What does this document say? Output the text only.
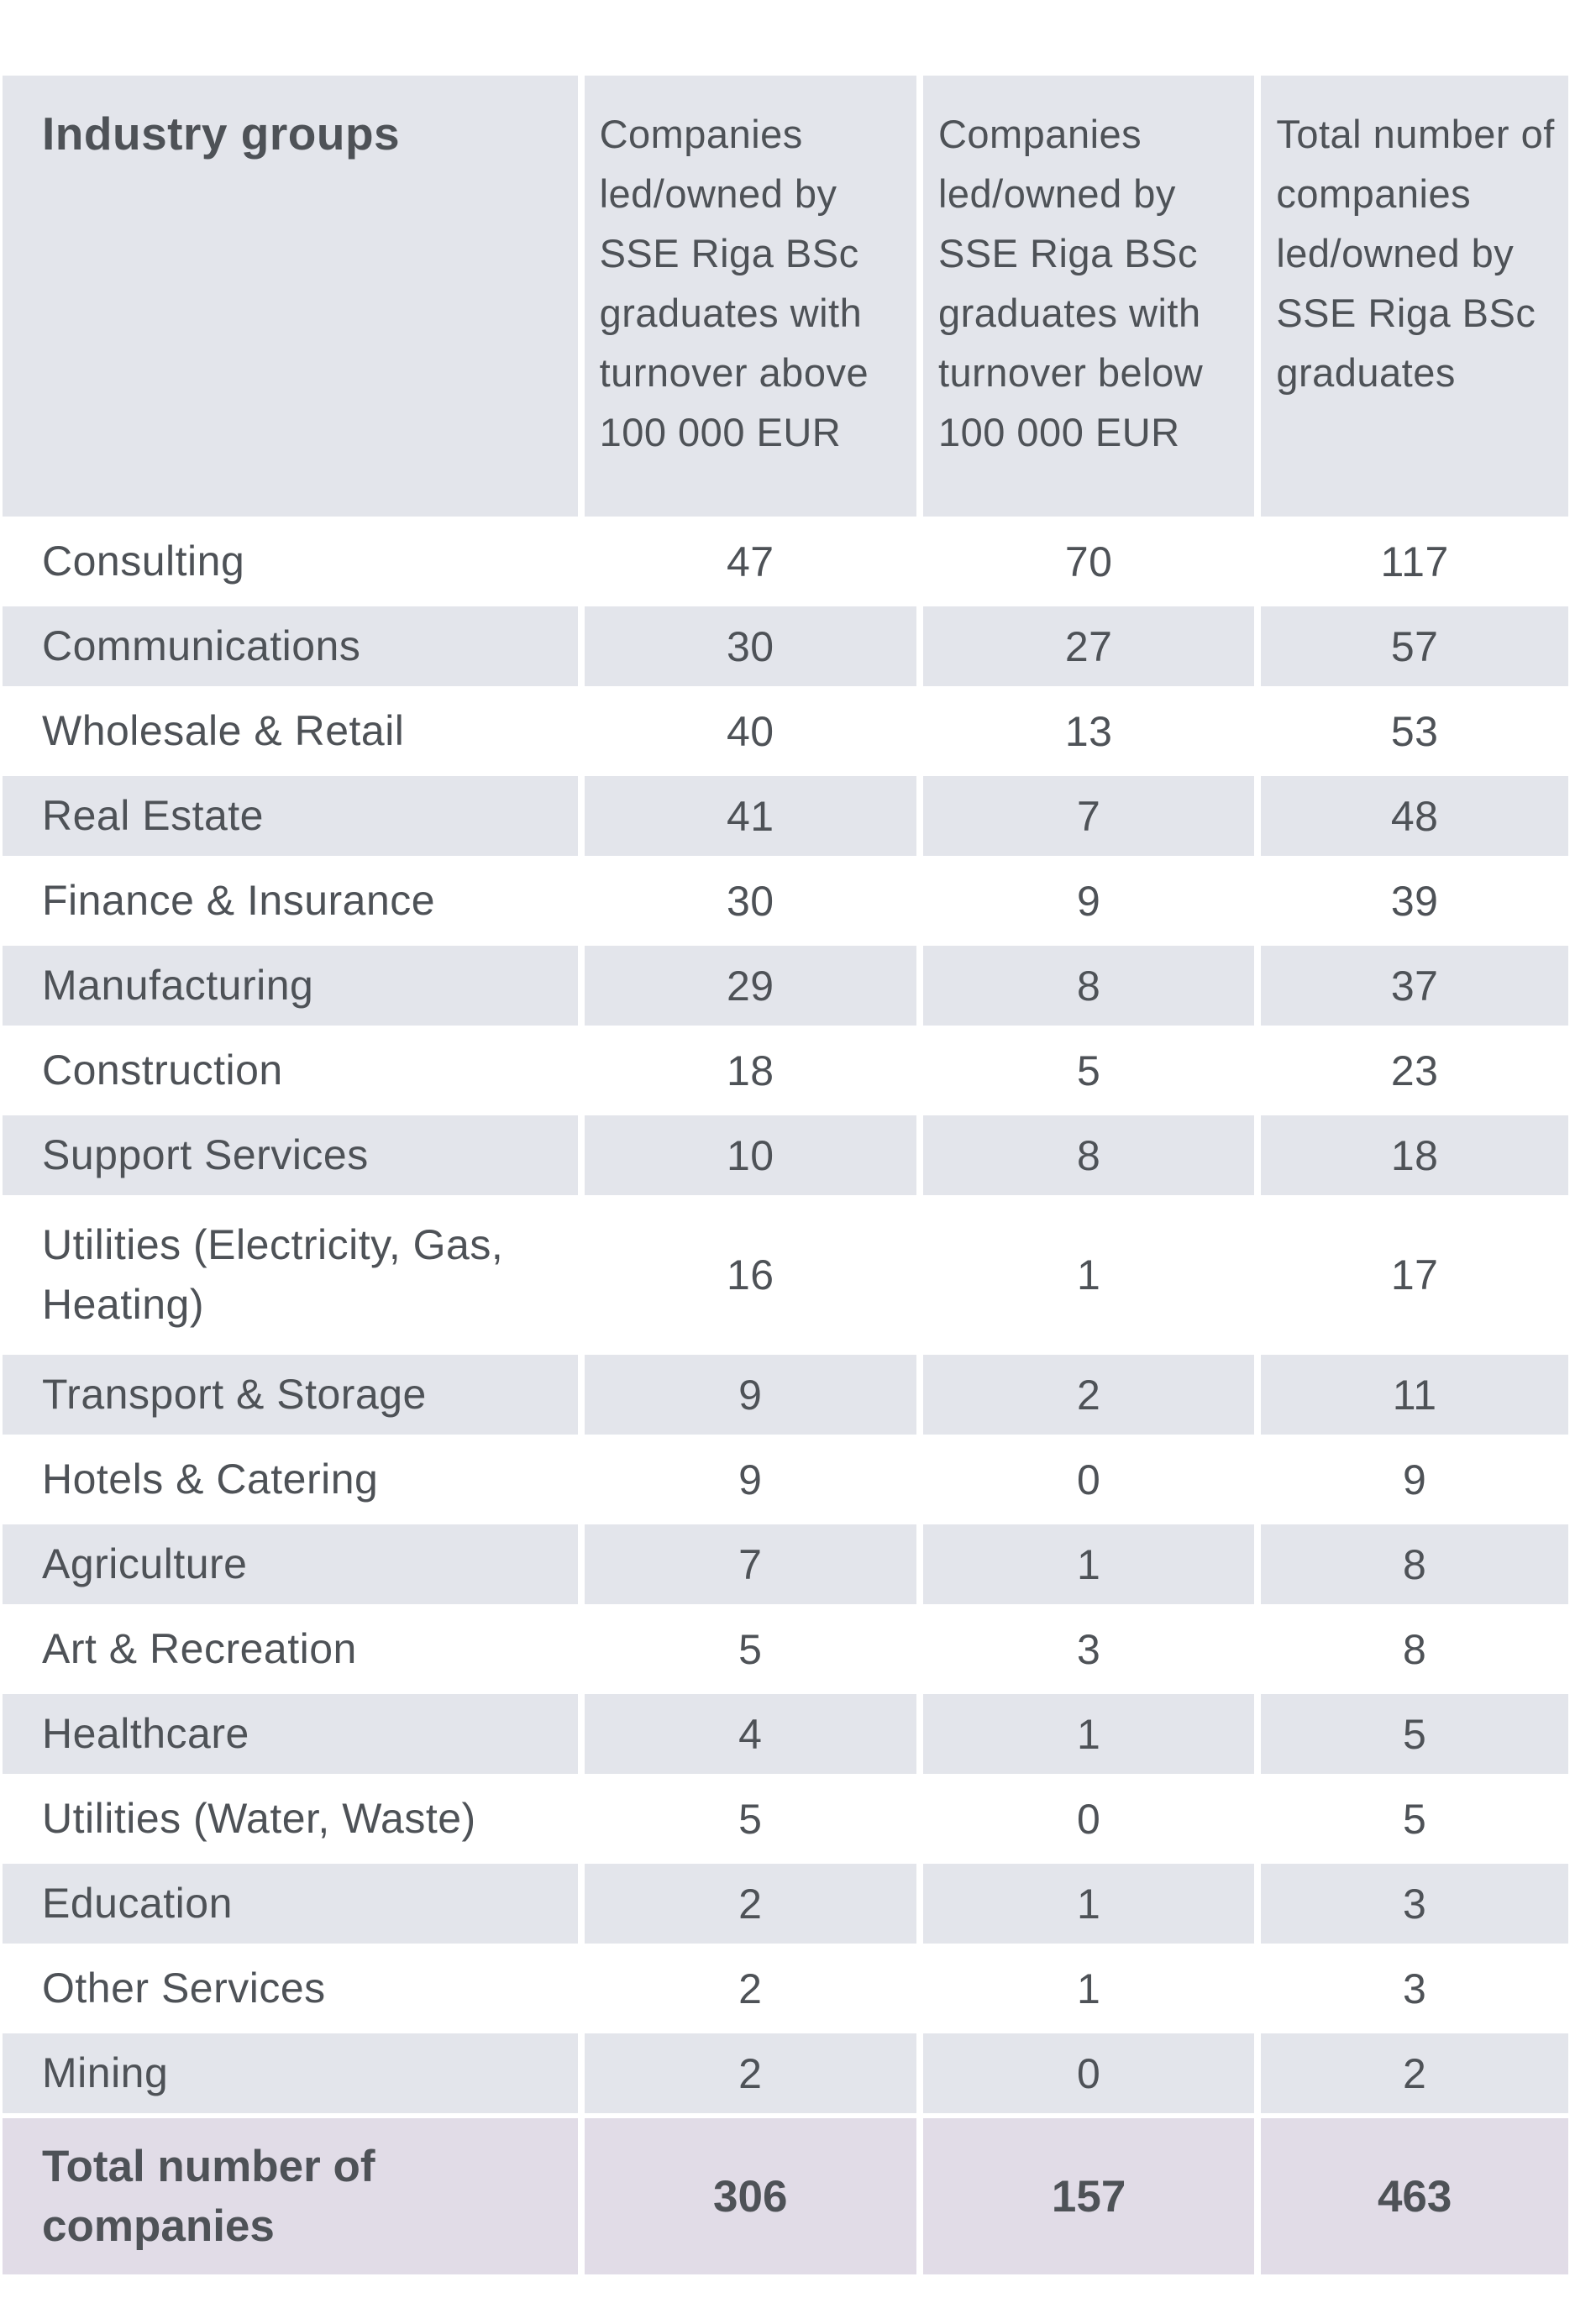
Industry groups	Companies led/owned by SSE Riga BSc graduates with turnover above 100 000 EUR	Companies led/owned by SSE Riga BSc graduates with turnover below 100 000 EUR	Total number of companies led/owned by SSE Riga BSc graduates
Consulting	47	70	117
Communications	30	27	57
Wholesale & Retail	40	13	53
Real Estate	41	7	48
Finance & Insurance	30	9	39
Manufacturing	29	8	37
Construction	18	5	23
Support Services	10	8	18
Utilities (Electricity, Gas, Heating)	16	1	17
Transport & Storage	9	2	11
Hotels & Catering	9	0	9
Agriculture	7	1	8
Art & Recreation	5	3	8
Healthcare	4	1	5
Utilities (Water, Waste)	5	0	5
Education	2	1	3
Other Services	2	1	3
Mining	2	0	2
Total number of companies	306	157	463
